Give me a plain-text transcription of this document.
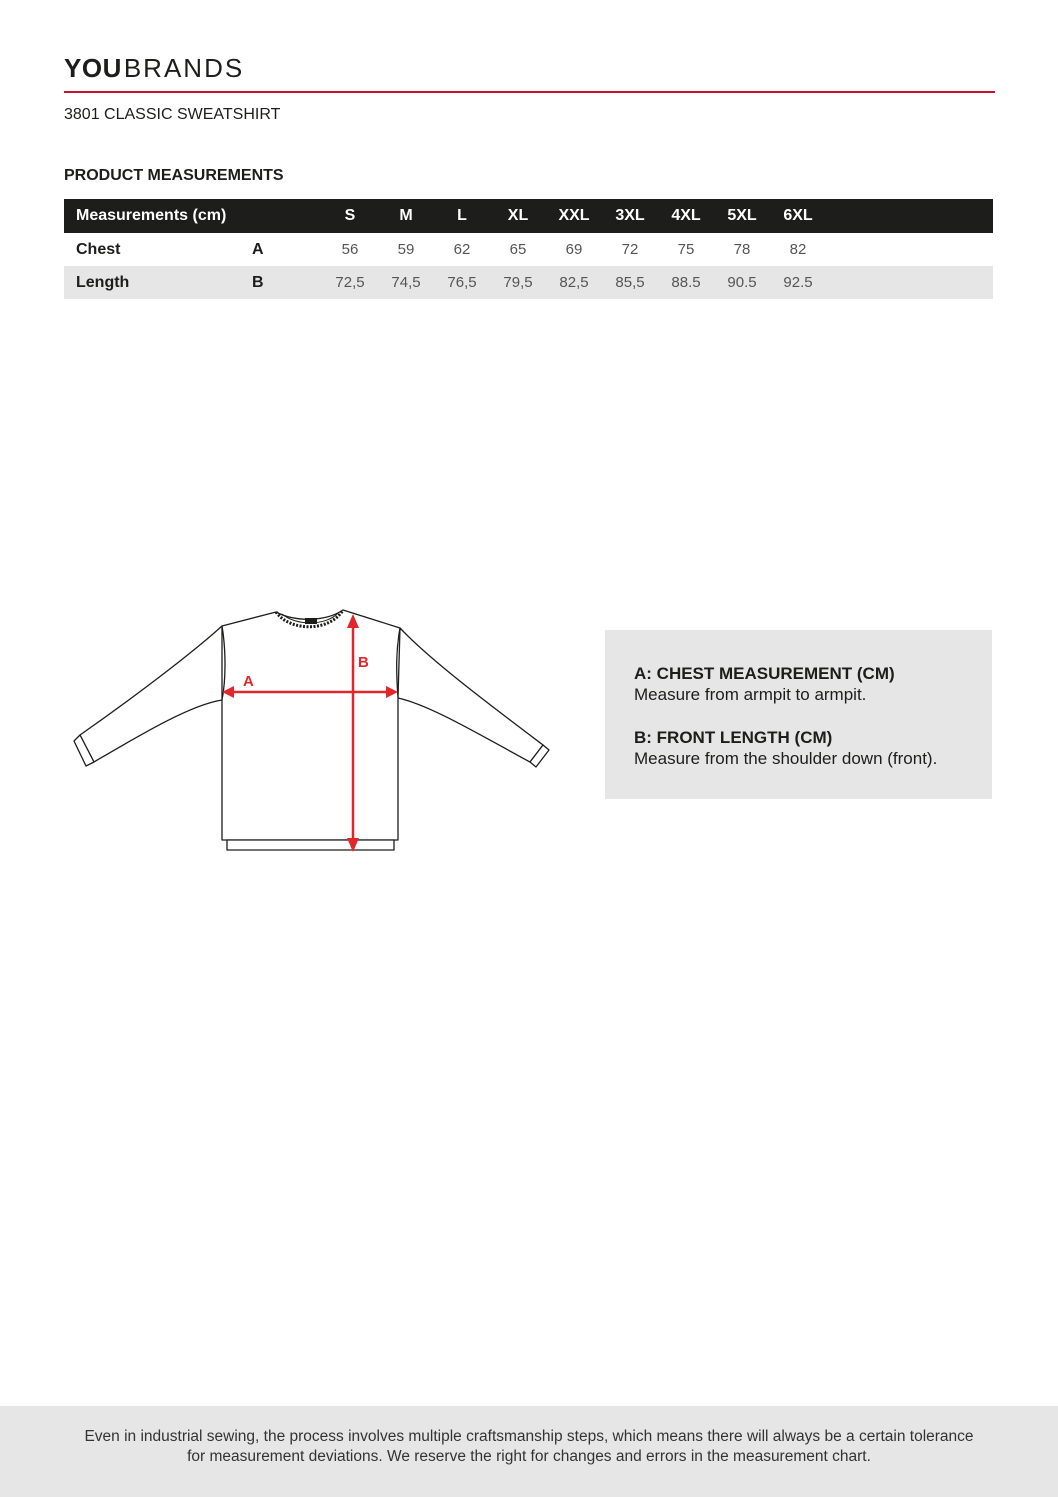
YOU BRANDS
3801 CLASSIC SWEATSHIRT
PRODUCT MEASUREMENTS
Measurements (cm)		S	M	L	XL	XXL	3XL	4XL	5XL	6XL	
Chest	A	56	59	62	65	69	72	75	78	82	
Length	B	72,5	74,5	76,5	79,5	82,5	85,5	88.5	90.5	92.5	
A
B
A: CHEST MEASUREMENT (CM)
Measure from armpit to armpit.
B: FRONT LENGTH (CM)
Measure from the shoulder down (front).

Even in industrial sewing, the process involves multiple craftsmanship steps, which means there will always be a certain tolerance

for measurement deviations. We reserve the right for changes and errors in the measurement chart.
